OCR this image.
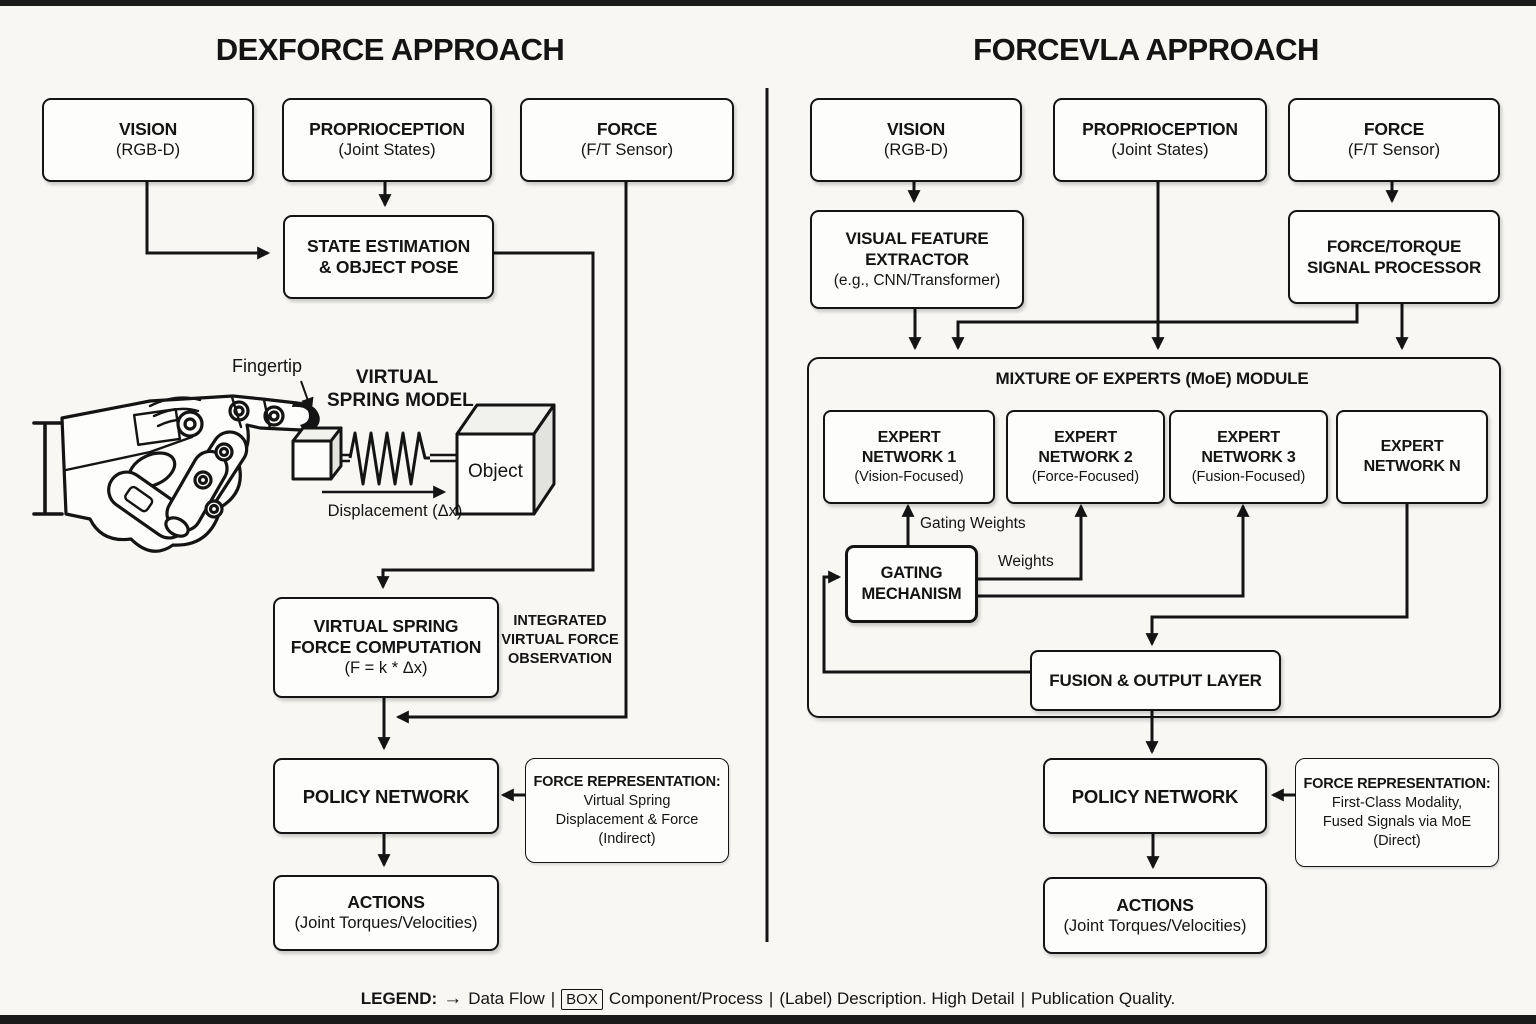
DEXFORCE APPROACH
VISION
(RGB-D)
PROPRIOCEPTION
(Joint States)
FORCE
(F/T Sensor)
STATE ESTIMATION
& OBJECT POSE
Fingertip
VIRTUAL
SPRING MODEL
Object
Displacement (Δx)
VIRTUAL SPRING
FORCE COMPUTATION
(F = k * Δx)
INTEGRATED
VIRTUAL FORCE
OBSERVATION
POLICY NETWORK
FORCE REPRESENTATION:
Virtual Spring
Displacement & Force
(Indirect)
ACTIONS
(Joint Torques/Velocities)
FORCEVLA APPROACH
VISION
(RGB-D)
PROPRIOCEPTION
(Joint States)
FORCE
(F/T Sensor)
VISUAL FEATURE
EXTRACTOR
(e.g., CNN/Transformer)
FORCE/TORQUE
SIGNAL PROCESSOR
MIXTURE OF EXPERTS (MoE) MODULE
EXPERT
NETWORK 1
(Vision-Focused)
EXPERT
NETWORK 2
(Force-Focused)
EXPERT
NETWORK 3
(Fusion-Focused)
EXPERT
NETWORK N
Gating Weights
Weights
GATING
MECHANISM
FUSION & OUTPUT LAYER
POLICY NETWORK
FORCE REPRESENTATION:
First-Class Modality,
Fused Signals via MoE
(Direct)
ACTIONS
(Joint Torques/Velocities)
LEGEND: → Data Flow | BOX Component/Process | (Label) Description. High Detail | Publication Quality.
